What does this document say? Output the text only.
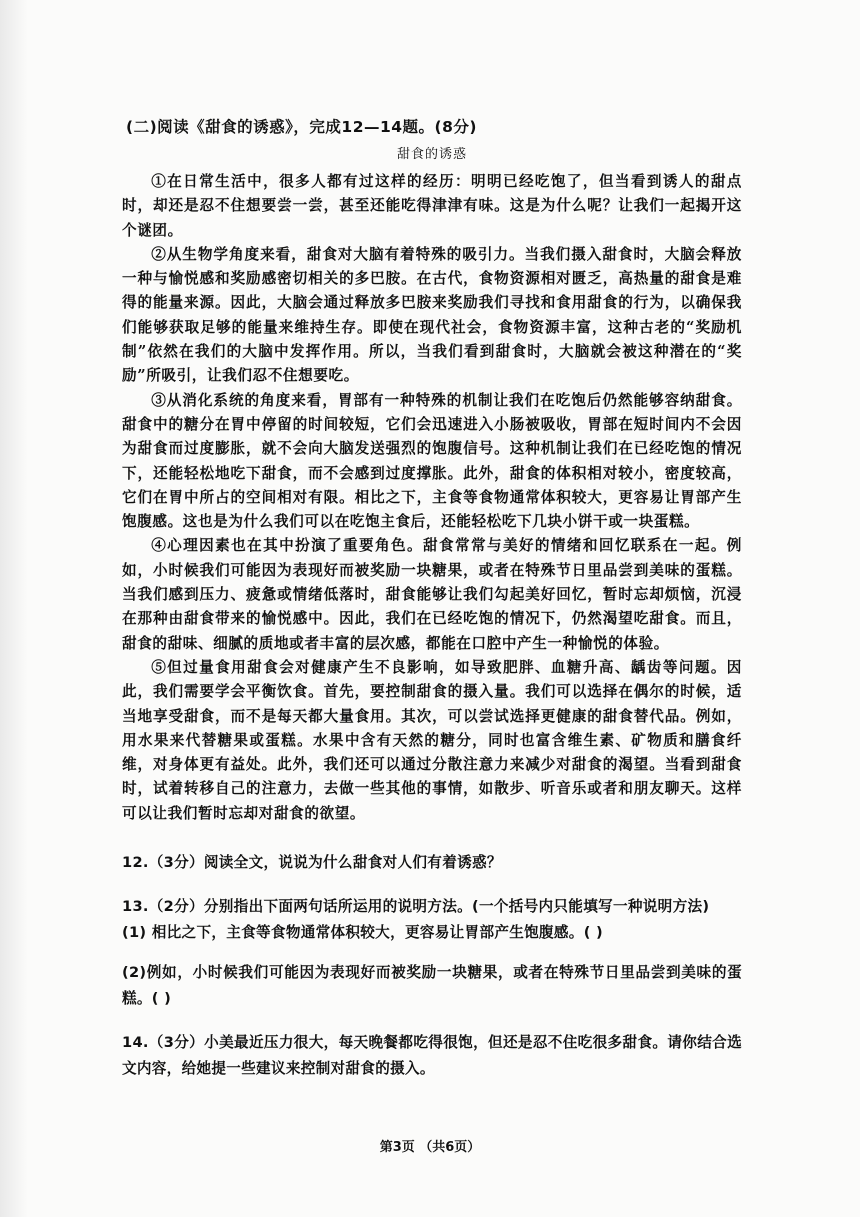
(二)阅读《甜食的诱惑》，完成12—14题。(8分)

甜食的诱惑

①在日常生活中，很多人都有过这样的经历：明明已经吃饱了，但当看到诱人的甜点时，却还是忍不住想要尝一尝，甚至还能吃得津津有味。这是为什么呢？让我们一起揭开这个谜团。

②从生物学角度来看，甜食对大脑有着特殊的吸引力。当我们摄入甜食时，大脑会释放一种与愉悦感和奖励感密切相关的多巴胺。在古代，食物资源相对匮乏，高热量的甜食是难得的能量来源。因此，大脑会通过释放多巴胺来奖励我们寻找和食用甜食的行为，以确保我们能够获取足够的能量来维持生存。即使在现代社会，食物资源丰富，这种古老的“奖励机制”依然在我们的大脑中发挥作用。所以，当我们看到甜食时，大脑就会被这种潜在的“奖励”所吸引，让我们忍不住想要吃。

③从消化系统的角度来看，胃部有一种特殊的机制让我们在吃饱后仍然能够容纳甜食。甜食中的糖分在胃中停留的时间较短，它们会迅速进入小肠被吸收，胃部在短时间内不会因为甜食而过度膨胀，就不会向大脑发送强烈的饱腹信号。这种机制让我们在已经吃饱的情况下，还能轻松地吃下甜食，而不会感到过度撑胀。此外，甜食的体积相对较小，密度较高，它们在胃中所占的空间相对有限。相比之下，主食等食物通常体积较大，更容易让胃部产生饱腹感。这也是为什么我们可以在吃饱主食后，还能轻松吃下几块小饼干或一块蛋糕。

④心理因素也在其中扮演了重要角色。甜食常常与美好的情绪和回忆联系在一起。例如，小时候我们可能因为表现好而被奖励一块糖果，或者在特殊节日里品尝到美味的蛋糕。当我们感到压力、疲惫或情绪低落时，甜食能够让我们勾起美好回忆，暂时忘却烦恼，沉浸在那种由甜食带来的愉悦感中。因此，我们在已经吃饱的情况下，仍然渴望吃甜食。而且，甜食的甜味、细腻的质地或者丰富的层次感，都能在口腔中产生一种愉悦的体验。

⑤但过量食用甜食会对健康产生不良影响，如导致肥胖、血糖升高、龋齿等问题。因此，我们需要学会平衡饮食。首先，要控制甜食的摄入量。我们可以选择在偶尔的时候，适当地享受甜食，而不是每天都大量食用。其次，可以尝试选择更健康的甜食替代品。例如，用水果来代替糖果或蛋糕。水果中含有天然的糖分，同时也富含维生素、矿物质和膳食纤维，对身体更有益处。此外，我们还可以通过分散注意力来减少对甜食的渴望。当看到甜食时，试着转移自己的注意力，去做一些其他的事情，如散步、听音乐或者和朋友聊天。这样可以让我们暂时忘却对甜食的欲望。

12.（3分）阅读全文，说说为什么甜食对人们有着诱惑？

13.（2分）分别指出下面两句话所运用的说明方法。(一个括号内只能填写一种说明方法)
(1) 相比之下，主食等食物通常体积较大，更容易让胃部产生饱腹感。( )
(2)例如，小时候我们可能因为表现好而被奖励一块糖果，或者在特殊节日里品尝到美味的蛋糕。( )

14.（3分）小美最近压力很大，每天晚餐都吃得很饱，但还是忍不住吃很多甜食。请你结合选文内容，给她提一些建议来控制对甜食的摄入。

第3页 （共6页）
